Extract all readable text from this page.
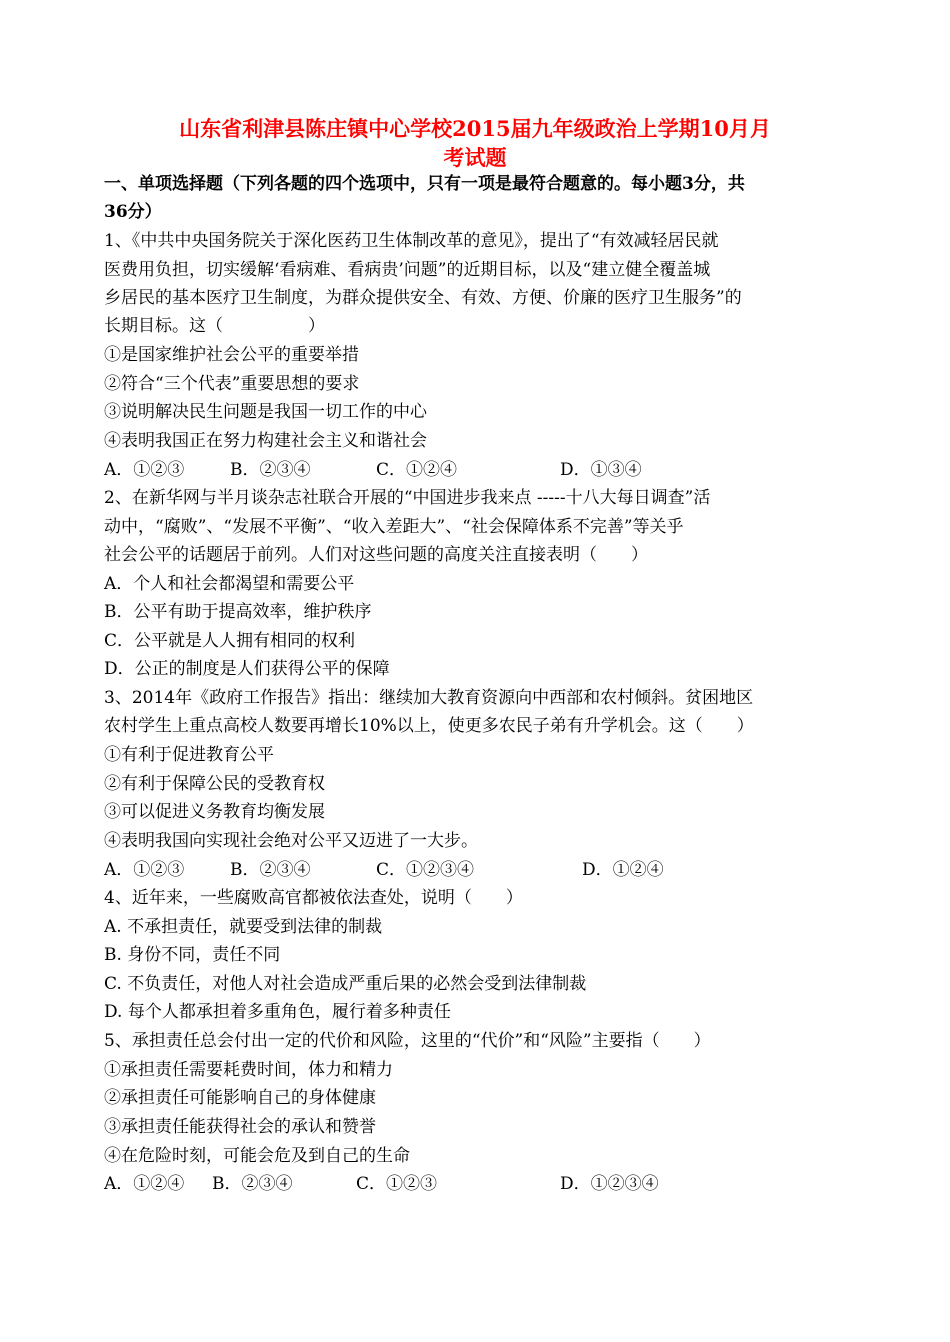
山东省利津县陈庄镇中心学校2015届九年级政治上学期10月月
考试题
一、单项选择题（下列各题的四个选项中，只有一项是最符合题意的。每小题3分，共
36分）
1、《中共中央国务院关于深化医药卫生体制改革的意见》，提出了“有效减轻居民就
医费用负担，切实缓解‘看病难、看病贵’问题”的近期目标，以及“建立健全覆盖城
乡居民的基本医疗卫生制度，为群众提供安全、有效、方便、价廉的医疗卫生服务”的
长期目标。这（　　　　　）
①是国家维护社会公平的重要举措
②符合“三个代表”重要思想的要求
③说明解决民生问题是我国一切工作的中心
④表明我国正在努力构建社会主义和谐社会
A．①②③	B．②③④	C．①②④	D．①③④
2、在新华网与半月谈杂志社联合开展的“中国进步我来点 -----十八大每日调查”活
动中，“腐败”、“发展不平衡”、“收入差距大”、“社会保障体系不完善”等关乎
社会公平的话题居于前列。人们对这些问题的高度关注直接表明（　　）
A．个人和社会都渴望和需要公平
B．公平有助于提高效率，维护秩序
C．公平就是人人拥有相同的权利
D．公正的制度是人们获得公平的保障
3、2014年《政府工作报告》指出：继续加大教育资源向中西部和农村倾斜。贫困地区
农村学生上重点高校人数要再增长10%以上，使更多农民子弟有升学机会。这（　　）
①有利于促进教育公平
②有利于保障公民的受教育权
③可以促进义务教育均衡发展
④表明我国向实现社会绝对公平又迈进了一大步。
A．①②③	B．②③④	C．①②③④	D．①②④
4、近年来，一些腐败高官都被依法查处，说明（　　）
A. 不承担责任，就要受到法律的制裁
B. 身份不同，责任不同
C. 不负责任，对他人对社会造成严重后果的必然会受到法律制裁
D. 每个人都承担着多重角色，履行着多种责任
5、承担责任总会付出一定的代价和风险，这里的“代价”和“风险”主要指（　　）
①承担责任需要耗费时间，体力和精力
②承担责任可能影响自己的身体健康
③承担责任能获得社会的承认和赞誉
④在危险时刻，可能会危及到自己的生命
A．①②④ B．②③④	C．①②③	D．①②③④
